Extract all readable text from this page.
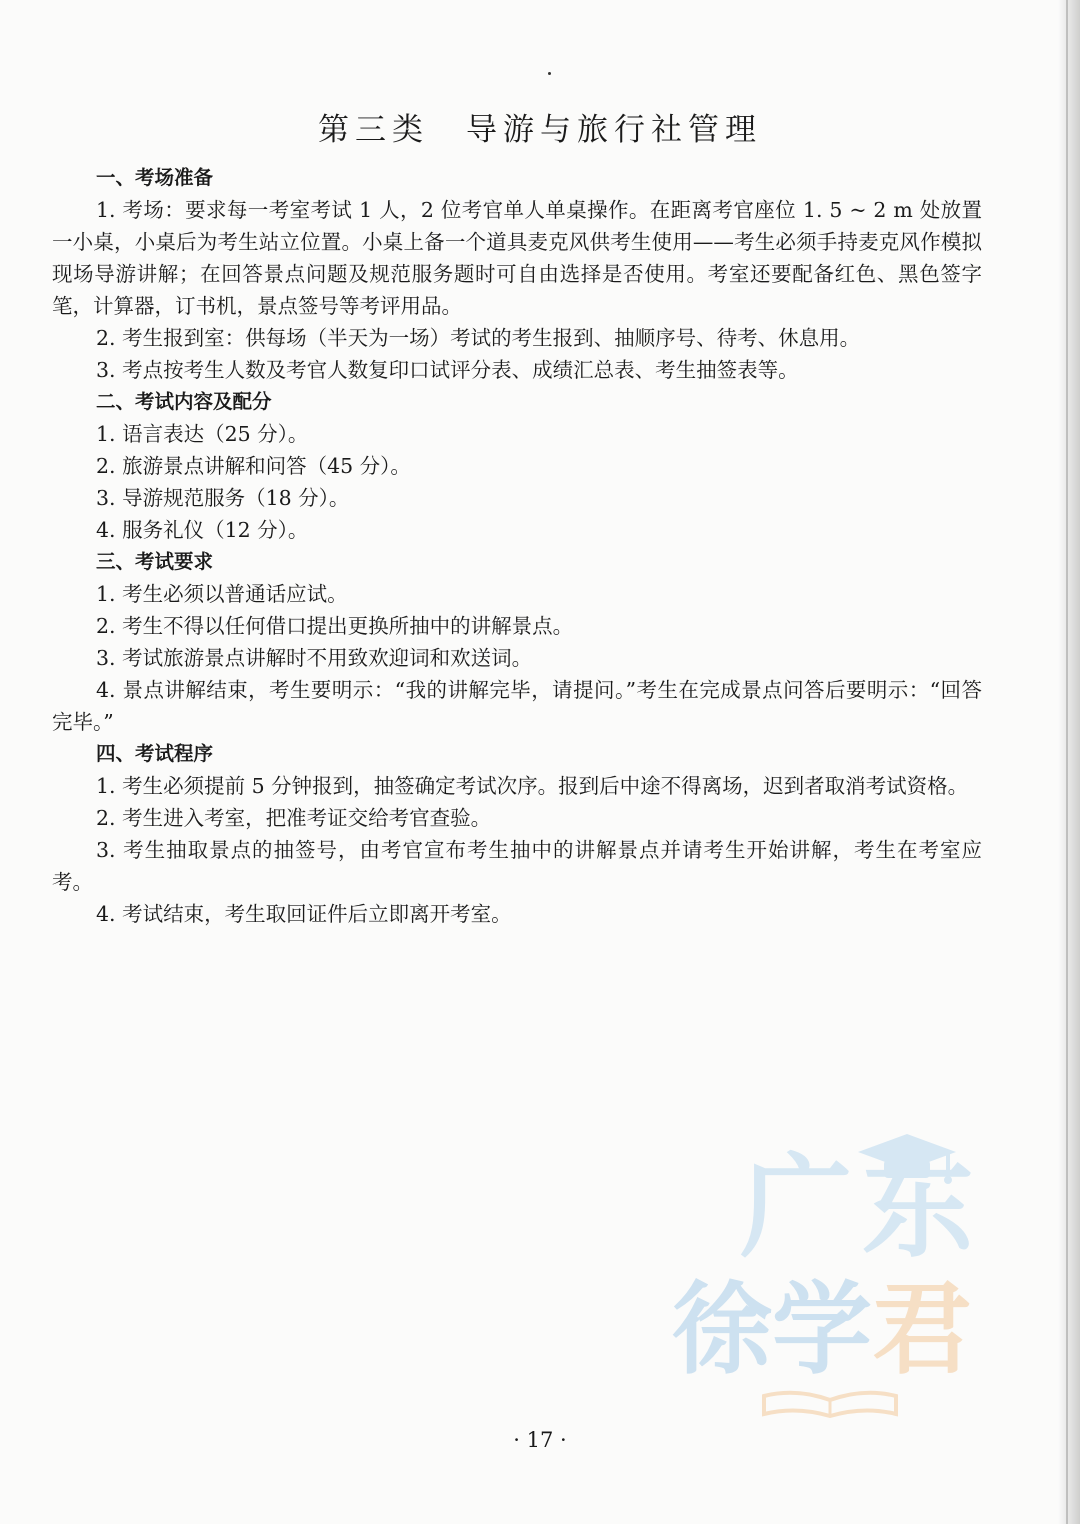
第三类　导游与旅行社管理

一、考场准备

1. 考场：要求每一考室考试 1 人，2 位考官单人单桌操作。在距离考官座位 1. 5 ~ 2 m 处放置一小桌，小桌后为考生站立位置。小桌上备一个道具麦克风供考生使用——考生必须手持麦克风作模拟现场导游讲解；在回答景点问题及规范服务题时可自由选择是否使用。考室还要配备红色、黑色签字笔，计算器，订书机，景点签号等考评用品。

2. 考生报到室：供每场（半天为一场）考试的考生报到、抽顺序号、待考、休息用。

3. 考点按考生人数及考官人数复印口试评分表、成绩汇总表、考生抽签表等。

二、考试内容及配分

1. 语言表达（25 分）。

2. 旅游景点讲解和问答（45 分）。

3. 导游规范服务（18 分）。

4. 服务礼仪（12 分）。

三、考试要求

1. 考生必须以普通话应试。

2. 考生不得以任何借口提出更换所抽中的讲解景点。

3. 考试旅游景点讲解时不用致欢迎词和欢送词。

4. 景点讲解结束，考生要明示：“我的讲解完毕，请提问。”考生在完成景点问答后要明示：“回答完毕。”

四、考试程序

1. 考生必须提前 5 分钟报到，抽签确定考试次序。报到后中途不得离场，迟到者取消考试资格。

2. 考生进入考室，把准考证交给考官查验。

3. 考生抽取景点的抽签号，由考官宣布考生抽中的讲解景点并请考生开始讲解，考生在考室应考。

4. 考试结束，考生取回证件后立即离开考室。

广东
徐学君
· 17 ·
